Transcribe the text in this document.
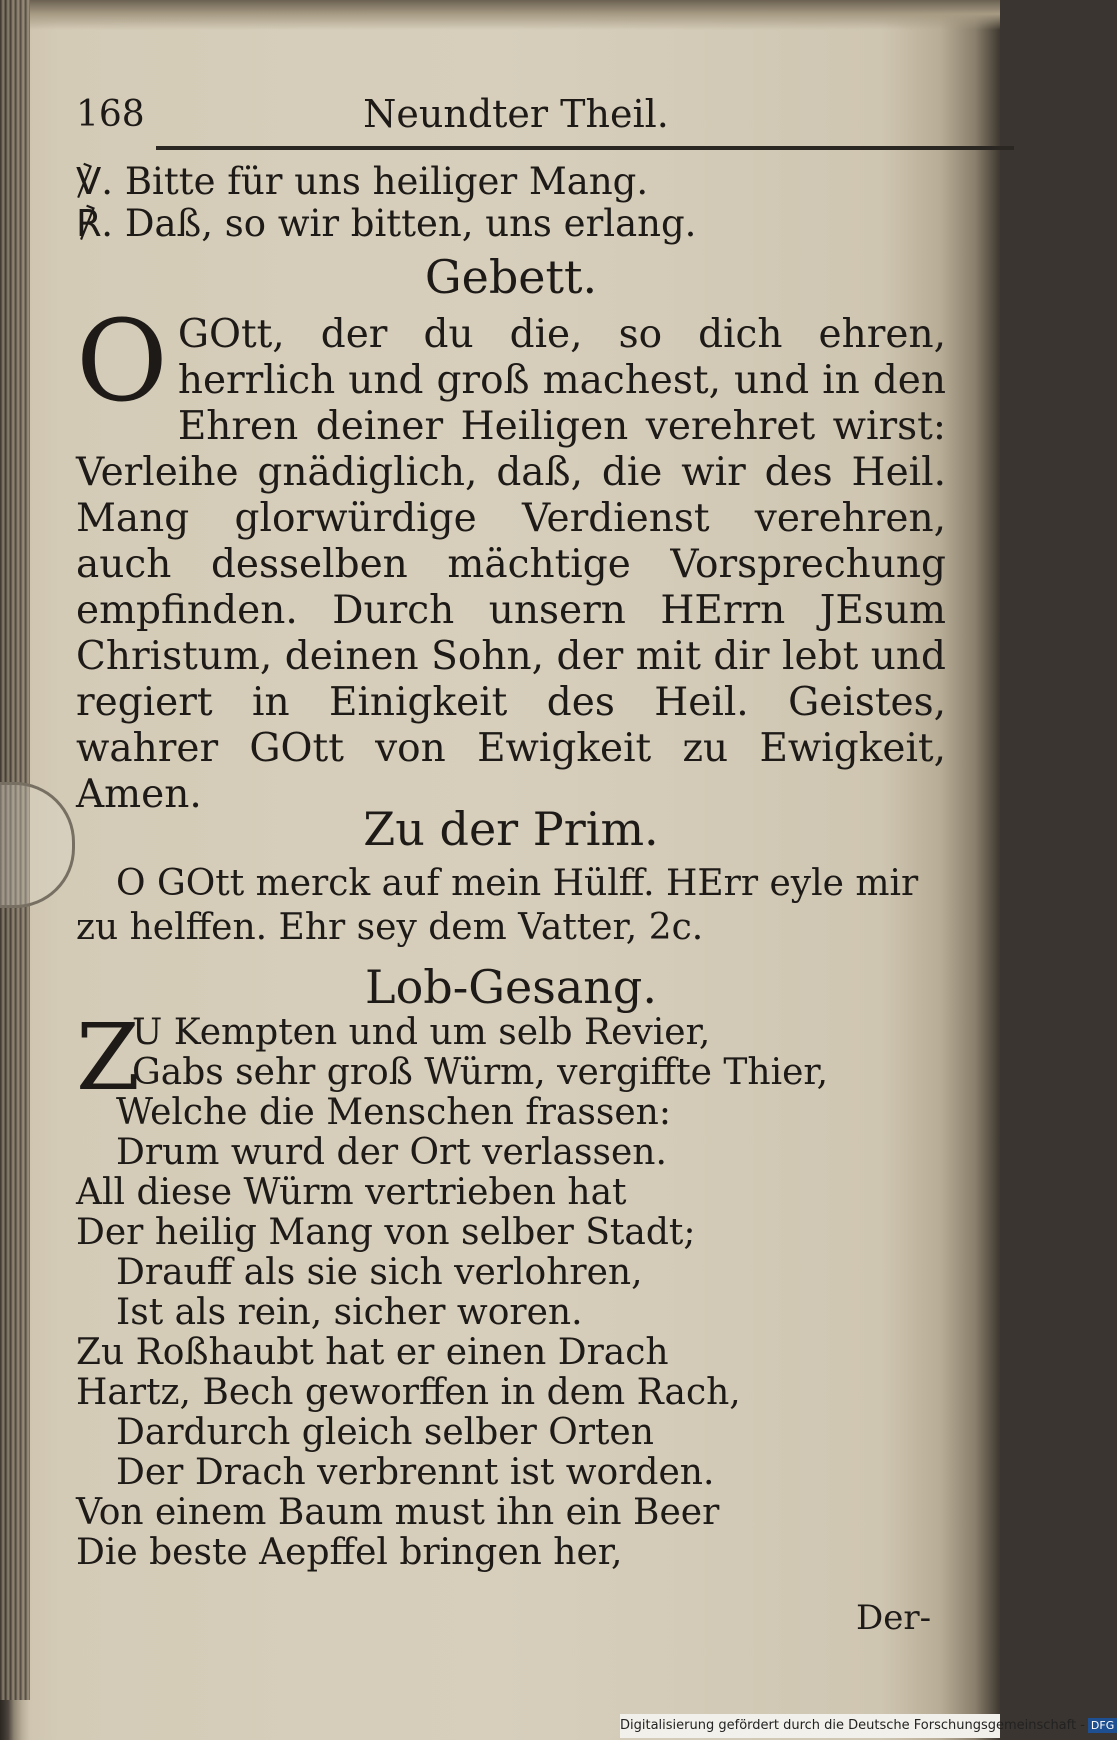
168	Neundter Theil.
℣. Bitte für uns heiliger Mang.
℟. Daß, so wir bitten, uns erlang.
Gebett.
O GOtt, der du die, so dich ehren, herrlich und groß machest, und in den Ehren deiner Heiligen verehret wirst: Verleihe gnädiglich, daß, die wir des Heil. Mang glorwürdige Verdienst verehren, auch desselben mächtige Vorsprechung empfinden. Durch unsern HErrn JEsum Christum, deinen Sohn, der mit dir lebt und regiert in Einigkeit des Heil. Geistes, wahrer GOtt von Ewigkeit zu Ewigkeit, Amen.
Zu der Prim.
O GOtt merck auf mein Hülff. HErr eyle mir zu helffen. Ehr sey dem Vatter, 2c.
Lob-Gesang.
Z
U Kempten und um selb Revier,
Gabs sehr groß Würm, vergiffte Thier,
Welche die Menschen frassen:
Drum wurd der Ort verlassen.
All diese Würm vertrieben hat
Der heilig Mang von selber Stadt;
Drauff als sie sich verlohren,
Ist als rein, sicher woren.
Zu Roßhaubt hat er einen Drach
Hartz, Bech geworffen in dem Rach,
Dardurch gleich selber Orten
Der Drach verbrennt ist worden.
Von einem Baum must ihn ein Beer
Die beste Aepffel bringen her,
Der-
Digitalisierung gefördert durch die Deutsche Forschungsgemeinschaft - DFG
